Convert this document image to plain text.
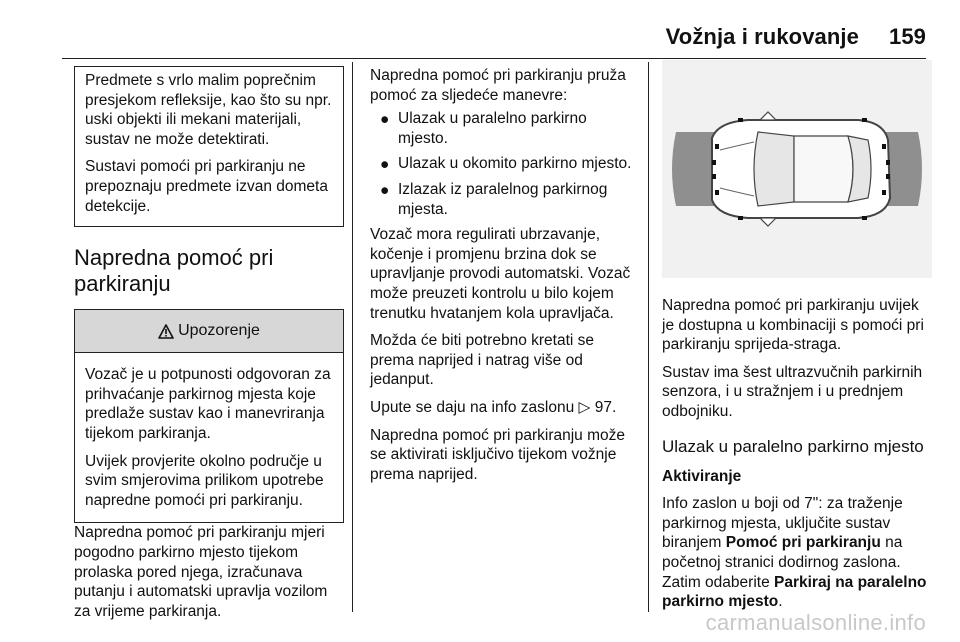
Vožnja i rukovanje 159

Predmete s vrlo malim poprečnim presjekom refleksije, kao što su npr. uski objekti ili mekani materijali, sustav ne može detektirati.

Sustavi pomoći pri parkiranju ne prepoznaju predmete izvan dometa detekcije.

Napredna pomoć pri parkiranju
Upozorenje

Vozač je u potpunosti odgovoran za prihvaćanje parkirnog mjesta koje predlaže sustav kao i manevriranja tijekom parkiranja.

Uvijek provjerite okolno područje u svim smjerovima prilikom upotrebe napredne pomoći pri parkiranju.

Napredna pomoć pri parkiranju mjeri pogodno parkirno mjesto tijekom prolaska pored njega, izračunava putanju i automatski upravlja vozilom za vrijeme parkiranja.

Napredna pomoć pri parkiranju pruža pomoć za sljedeće manevre:

● Ulazak u paralelno parkirno mjesto.
● Ulazak u okomito parkirno mjesto.
● Izlazak iz paralelnog parkirnog mjesta.

Vozač mora regulirati ubrzavanje, kočenje i promjenu brzina dok se upravljanje provodi automatski. Vozač može preuzeti kontrolu u bilo kojem trenutku hvatanjem kola upravljača.

Možda će biti potrebno kretati se prema naprijed i natrag više od jedanput.

Upute se daju na info zaslonu ▷ 97.

Napredna pomoć pri parkiranju može se aktivirati isključivo tijekom vožnje prema naprijed.

Napredna pomoć pri parkiranju uvijek je dostupna u kombinaciji s pomoći pri parkiranju sprijeda-straga.

Sustav ima šest ultrazvučnih parkirnih senzora, i u stražnjem i u prednjem odbojniku.

Ulazak u paralelno parkirno mjesto

Aktiviranje

Info zaslon u boji od 7": za traženje parkirnog mjesta, uključite sustav biranjem Pomoć pri parkiranju na početnoj stranici dodirnog zaslona. Zatim odaberite Parkiraj na paralelno parkirno mjesto.

carmanualsonline.info
